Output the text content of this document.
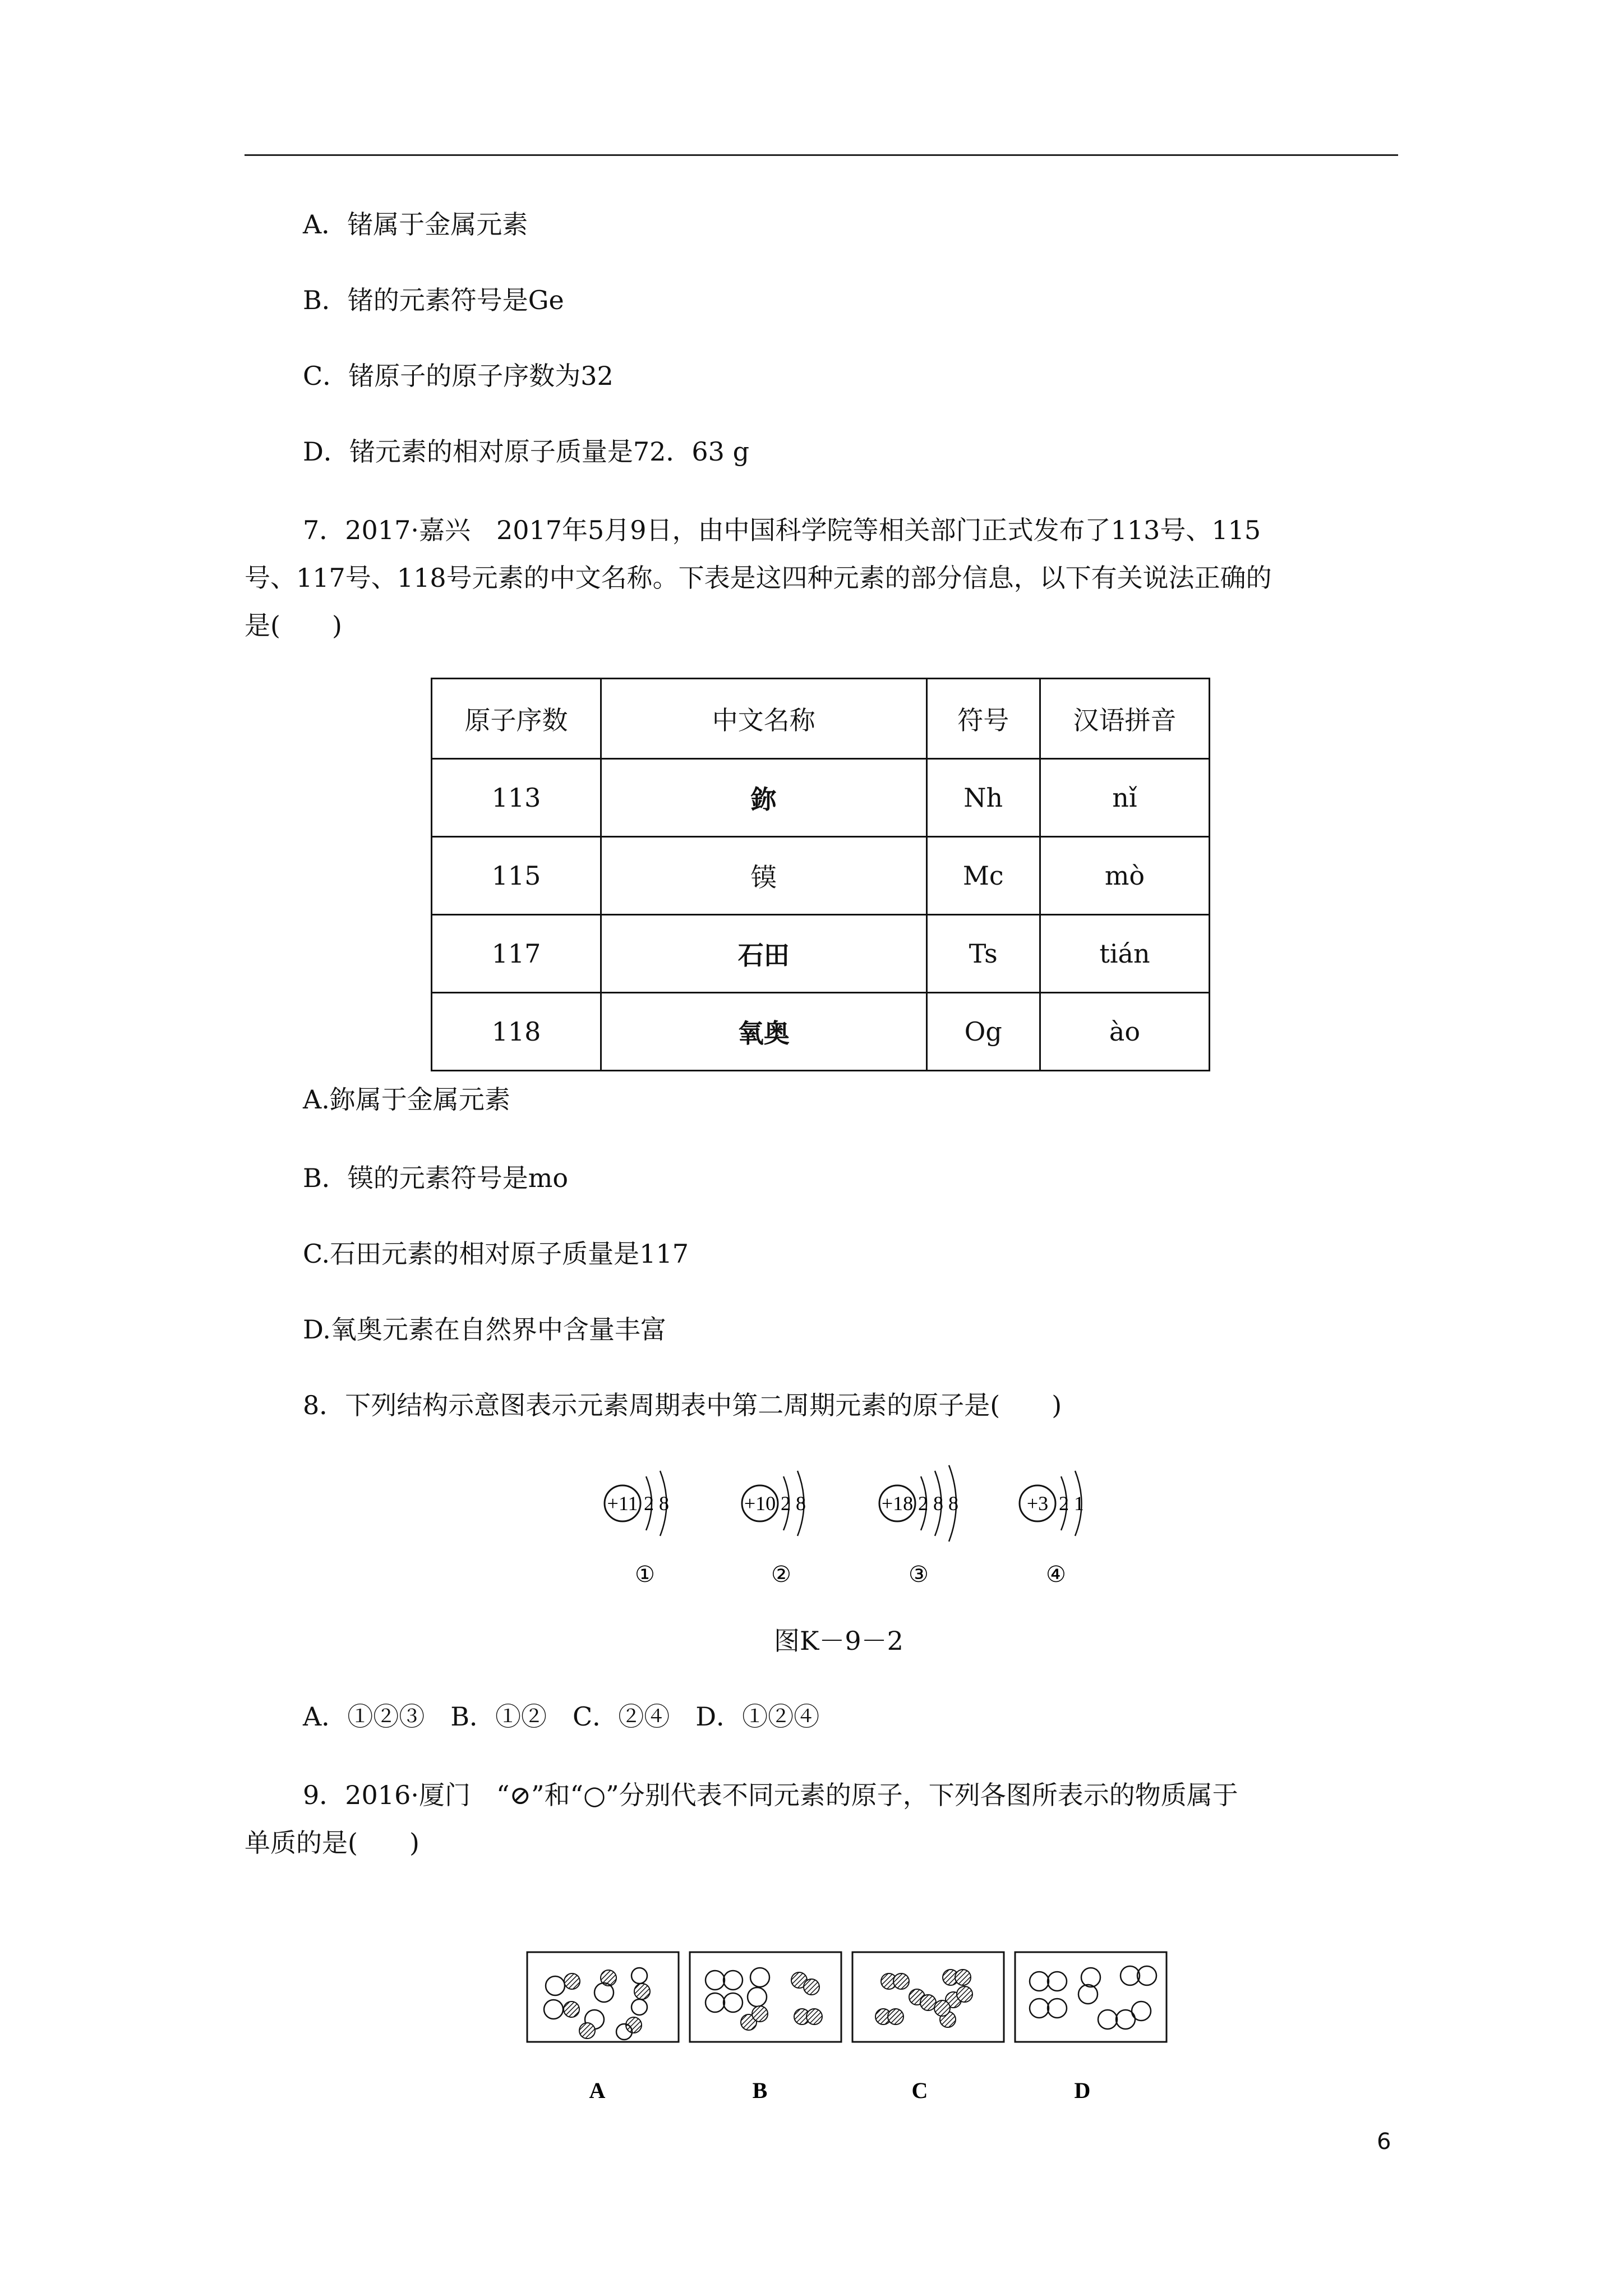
A．锗属于金属元素
B．锗的元素符号是Ge
C．锗原子的原子序数为32
D．锗元素的相对原子质量是72．63 g
7．2017·嘉兴　2017年5月9日，由中国科学院等相关部门正式发布了113号、115
号、117号、118号元素的中文名称。下表是这四种元素的部分信息，以下有关说法正确的
是(　　)
原子序数	中文名称	符号	汉语拼音
113	鉨	Nh	nǐ
115	镆	Mc	mò
117	石田	Ts	tián
118	氧奥	Og	ào
A.鉨属于金属元素
B．镆的元素符号是mo
C.石田元素的相对原子质量是117
D.氧奥元素在自然界中含量丰富
8．下列结构示意图表示元素周期表中第二周期元素的原子是(　　)
+11 2 8
①
+10 2 8
②
+18 2 8 8
③
+3 2 1
④
图K－9－2
A．①②③　B．①②　C．②④　D．①②④
9．2016·厦门　“⊘”和“○”分别代表不同元素的原子，下列各图所表示的物质属于
单质的是(　　)
A	B	C	D
6
